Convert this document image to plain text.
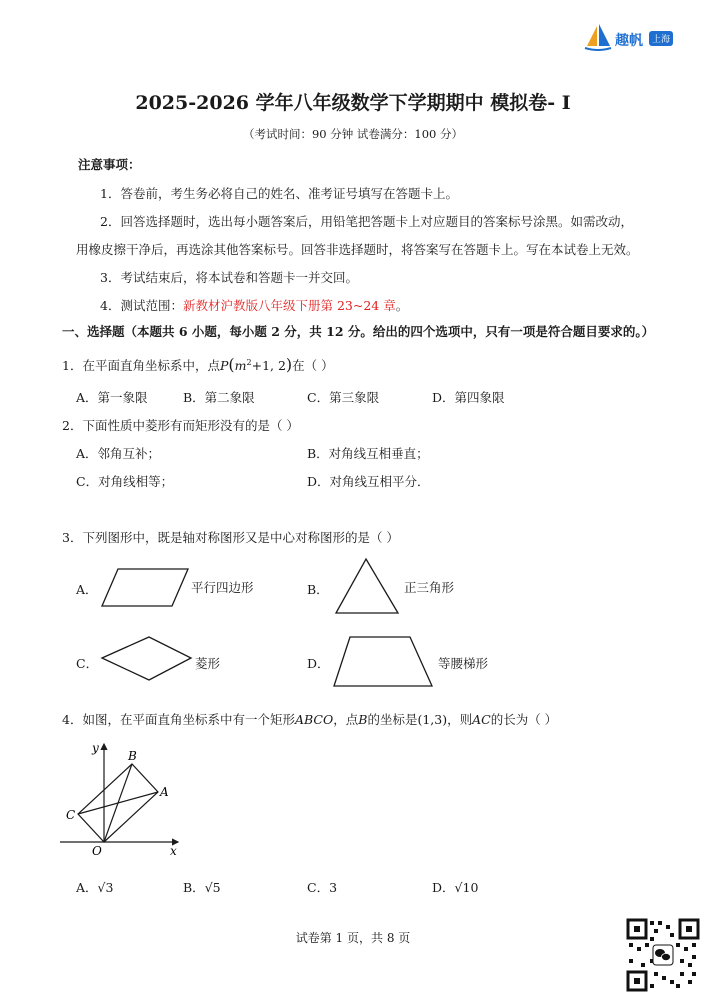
趣帆	上海
2025-2026 学年八年级数学下学期期中 模拟卷- I
（考试时间：90 分钟 试卷满分：100 分）
注意事项：
1．答卷前，考生务必将自己的姓名、准考证号填写在答题卡上。
2．回答选择题时，选出每小题答案后，用铅笔把答题卡上对应题目的答案标号涂黑。如需改动，
用橡皮擦干净后，再选涂其他答案标号。回答非选择题时，将答案写在答题卡上。写在本试卷上无效。
3．考试结束后，将本试卷和答题卡一并交回。
4．测试范围：新教材沪教版八年级下册第 23~24 章。
一、选择题（本题共 6 小题，每小题 2 分，共 12 分。给出的四个选项中，只有一项是符合题目要求的。）
1．在平面直角坐标系中，点$P(m^2+1$, 2)在（ ）
A．第一象限	B．第二象限	C．第三象限	D．第四象限
2．下面性质中菱形有而矩形没有的是（ ）
A．邻角互补；	B．对角线互相垂直；
C．对角线相等；	D．对角线互相平分．
3．下列图形中，既是轴对称图形又是中心对称图形的是（ ）
A．	平行四边形	B．	正三角形
C．	菱形	D．	等腰梯形
4．如图，在平面直角坐标系中有一个矩形ABCO，点B的坐标是(1,3)，则AC的长为（ ）
y
x
B
A
C
O
A．√3	B．√5	C．3	D．√10
试卷第 1 页，共 8 页
